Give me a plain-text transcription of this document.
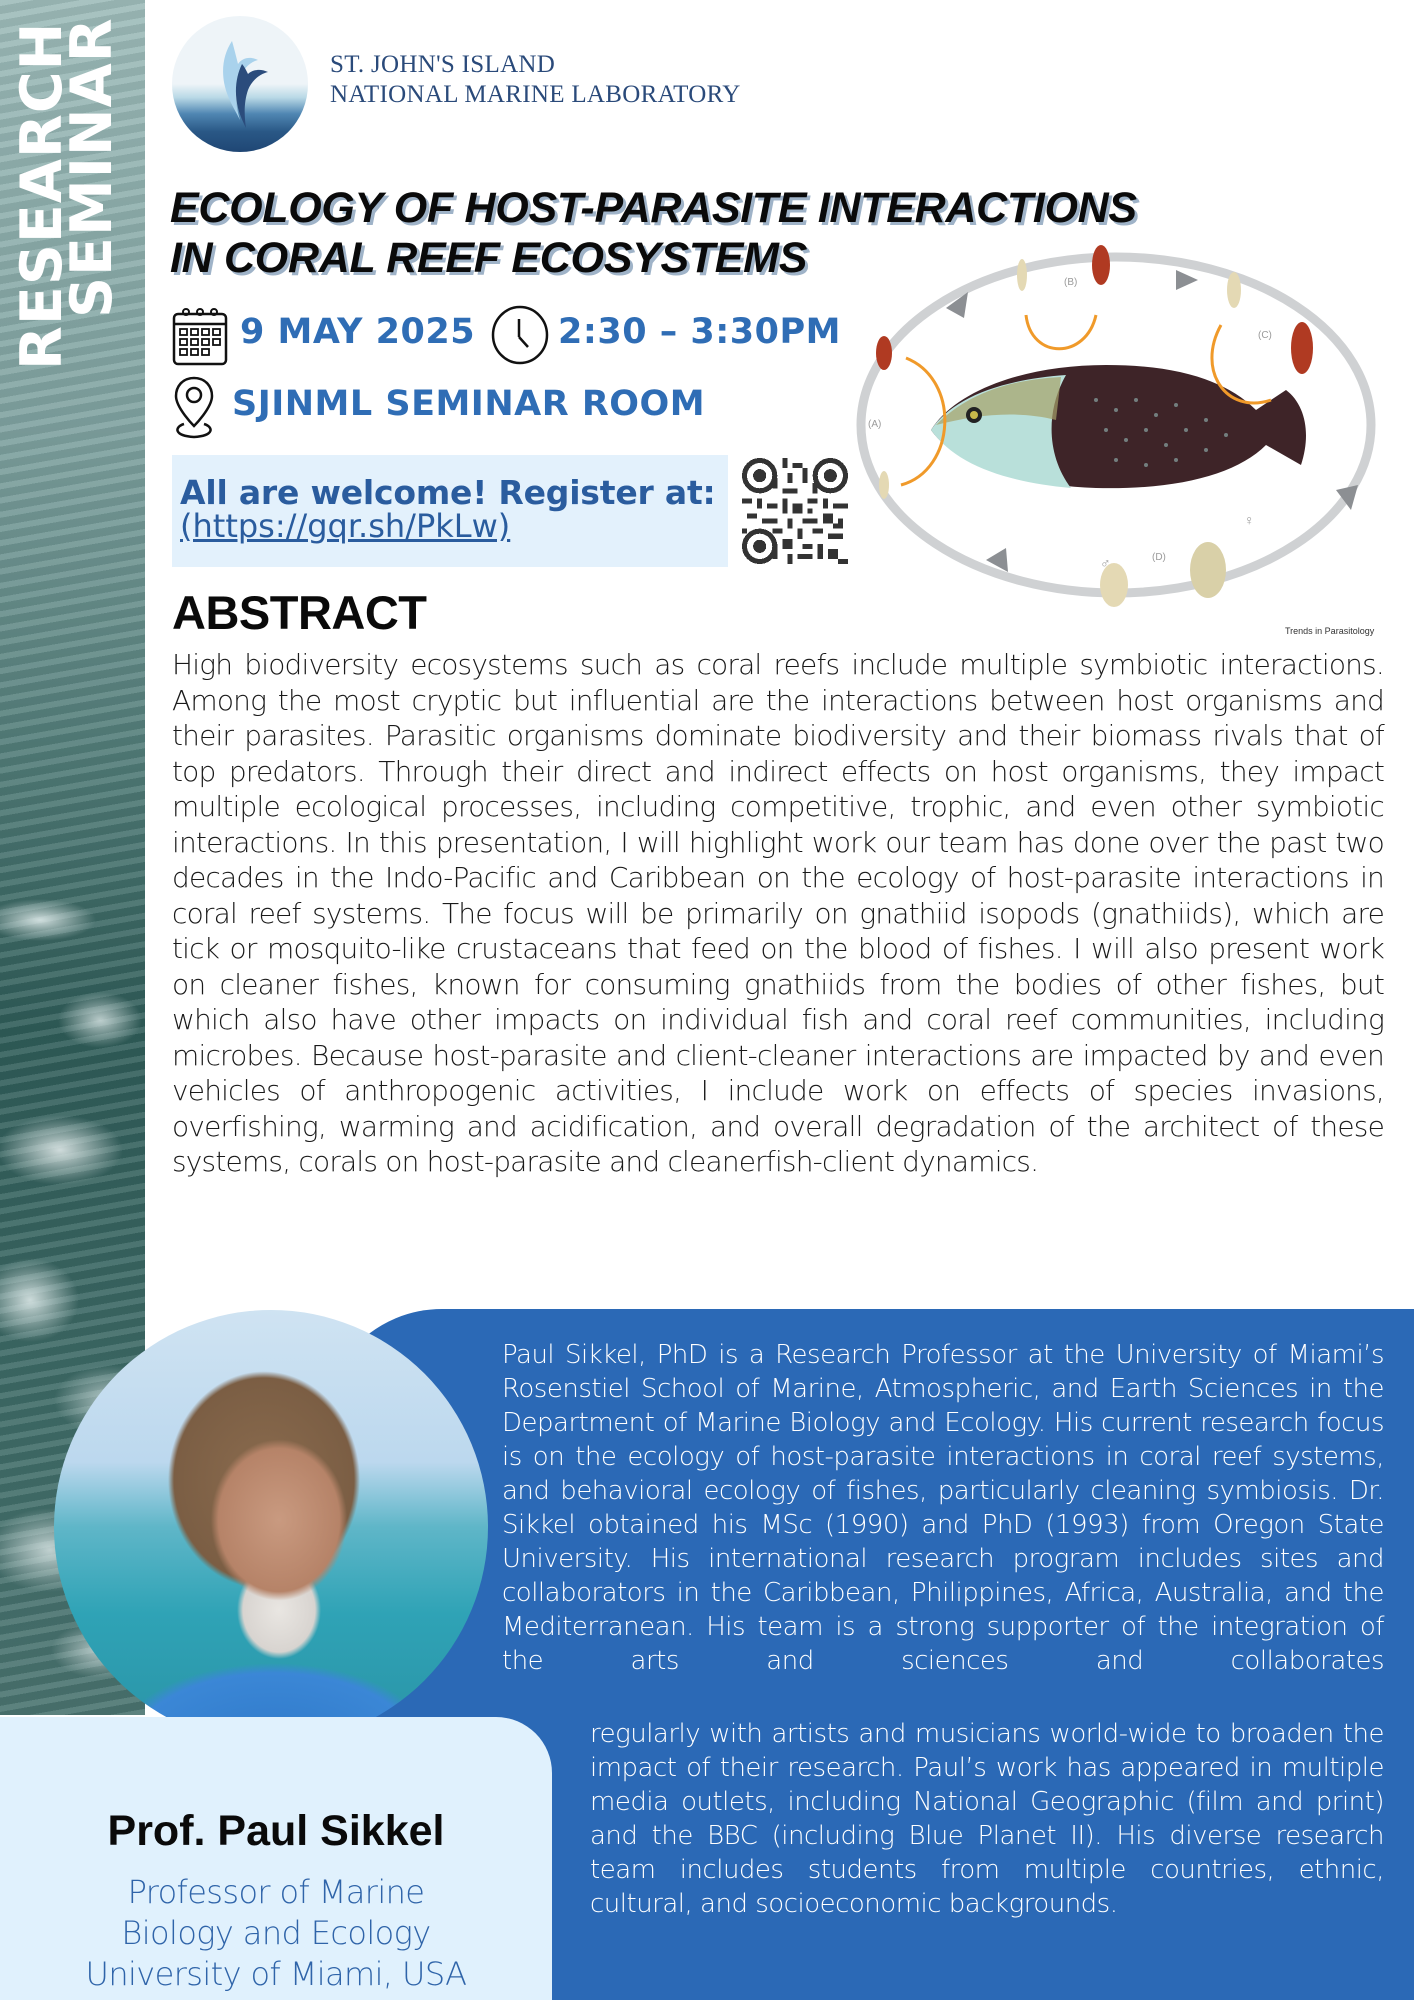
RESEARCH
SEMINAR	ST. JOHN'S ISLAND
NATIONAL MARINE LABORATORY
ECOLOGY OF HOST-PARASITE INTERACTIONS
IN CORAL REEF ECOSYSTEMS
9 MAY 2025 2:30 – 3:30PM
SJINML SEMINAR ROOM
All are welcome! Register at:
(https://gqr.sh/PkLw)
(A)
(B)
(C)
(D)
♂
♀
Trends in Parasitology
ABSTRACT
High biodiversity ecosystems such as coral reefs include multiple symbiotic interactions. Among the most cryptic but influential are the interactions between host organisms and their parasites. Parasitic organisms dominate biodiversity and their biomass rivals that of top predators. Through their direct and indirect effects on host organisms, they impact multiple ecological processes, including competitive, trophic, and even other symbiotic interactions. In this presentation, I will highlight work our team has done over the past two decades in the Indo-Pacific and Caribbean on the ecology of host-parasite interactions in coral reef systems. The focus will be primarily on gnathiid isopods (gnathiids), which are tick or mosquito-like crustaceans that feed on the blood of fishes. I will also present work on cleaner fishes, known for consuming gnathiids from the bodies of other fishes, but which also have other impacts on individual fish and coral reef communities, including microbes. Because host-parasite and client-cleaner interactions are impacted by and even vehicles of anthropogenic activities, I include work on effects of species invasions, overfishing, warming and acidification, and overall degradation of the architect of these systems, corals on host-parasite and cleanerfish-client dynamics.
Prof. Paul Sikkel
Professor of Marine
Biology and Ecology
University of Miami, USA
Paul Sikkel, PhD is a Research Professor at the University of Miami’s Rosenstiel School of Marine, Atmospheric, and Earth Sciences in the Department of Marine Biology and Ecology. His current research focus is on the ecology of host-parasite interactions in coral reef systems, and behavioral ecology of fishes, particularly cleaning symbiosis. Dr. Sikkel obtained his MSc (1990) and PhD (1993) from Oregon State University. His international research program includes sites and collaborators in the Caribbean, Philippines, Africa, Australia, and the Mediterranean. His team is a strong supporter of the integration of the arts and sciences and collaborates
regularly with artists and musicians world-wide to broaden the impact of their research. Paul’s work has appeared in multiple media outlets, including National Geographic (film and print) and the BBC (including Blue Planet II). His diverse research team includes students from multiple countries, ethnic, cultural, and socioeconomic backgrounds.
